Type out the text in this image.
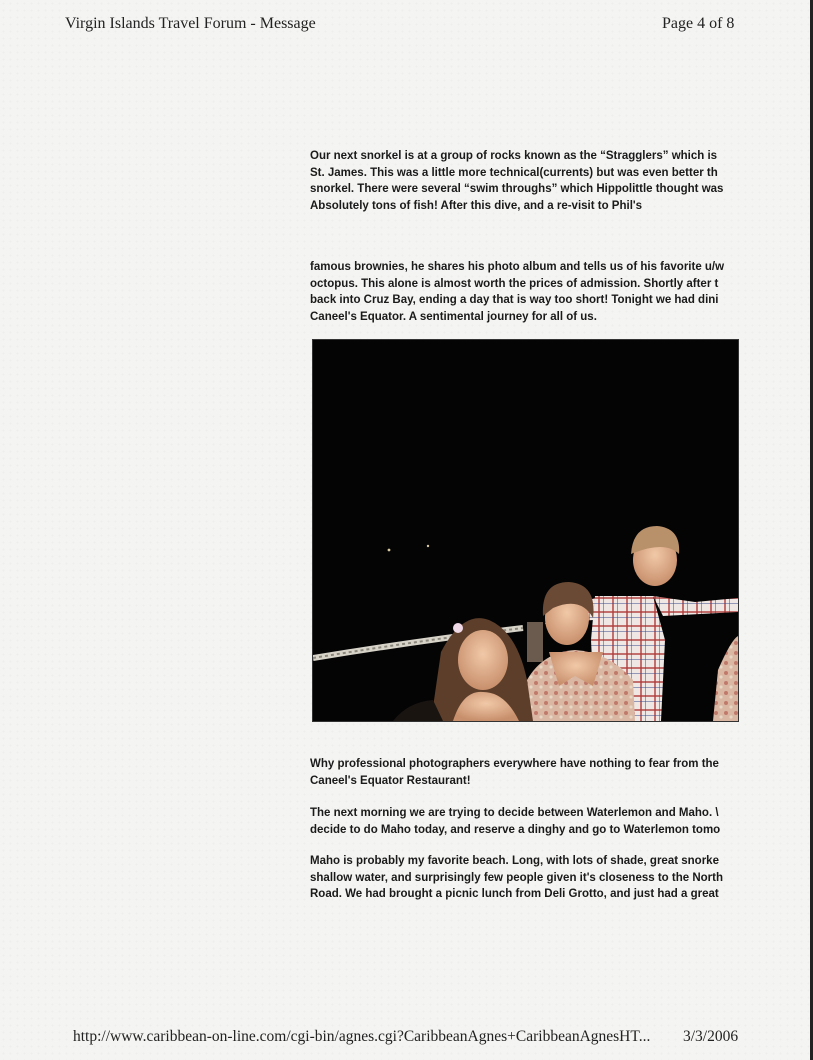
Virgin Islands Travel Forum - Message	Page 4 of 8
Our next snorkel is at a group of rocks known as the “Stragglers” which is
St. James. This was a little more technical(currents) but was even better th
snorkel. There were several “swim throughs” which Hippolittle thought was
Absolutely tons of fish! After this dive, and a re-visit to Phil's
famous brownies, he shares his photo album and tells us of his favorite u/w
octopus. This alone is almost worth the prices of admission. Shortly after t
back into Cruz Bay, ending a day that is way too short! Tonight we had dini
Caneel's Equator. A sentimental journey for all of us.
Why professional photographers everywhere have nothing to fear from the
Caneel's Equator Restaurant!
The next morning we are trying to decide between Waterlemon and Maho. \
decide to do Maho today, and reserve a dinghy and go to Waterlemon tomo
Maho is probably my favorite beach. Long, with lots of shade, great snorke
shallow water, and surprisingly few people given it's closeness to the North
Road. We had brought a picnic lunch from Deli Grotto, and just had a great
http://www.caribbean-on-line.com/cgi-bin/agnes.cgi?CaribbeanAgnes+CaribbeanAgnesHT...	3/3/2006
